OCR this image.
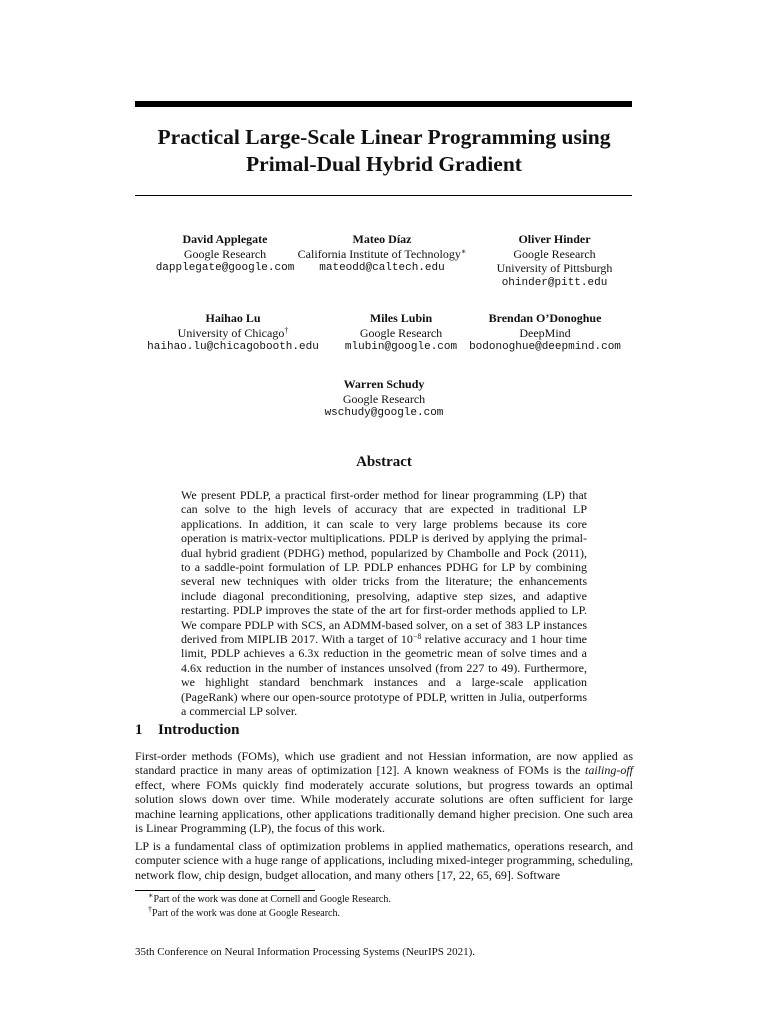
Practical Large-Scale Linear Programming using
Primal-Dual Hybrid Gradient
David Applegate
Google Research
dapplegate@google.com
Mateo Díaz
California Institute of Technology∗
mateodd@caltech.edu
Oliver Hinder
Google Research
University of Pittsburgh
ohinder@pitt.edu
Haihao Lu
University of Chicago†
haihao.lu@chicagobooth.edu
Miles Lubin
Google Research
mlubin@google.com
Brendan O’Donoghue
DeepMind
bodonoghue@deepmind.com
Warren Schudy
Google Research
wschudy@google.com
Abstract
We present PDLP, a practical first-order method for linear programming (LP) that can solve to the high levels of accuracy that are expected in traditional LP applications. In addition, it can scale to very large problems because its core operation is matrix-vector multiplications. PDLP is derived by applying the primal-dual hybrid gradient (PDHG) method, popularized by Chambolle and Pock (2011), to a saddle-point formulation of LP. PDLP enhances PDHG for LP by combining several new techniques with older tricks from the literature; the enhancements include diagonal preconditioning, presolving, adaptive step sizes, and adaptive restarting. PDLP improves the state of the art for first-order methods applied to LP. We compare PDLP with SCS, an ADMM-based solver, on a set of 383 LP instances derived from MIPLIB 2017. With a target of $10^{-8}$ relative accuracy and 1 hour time limit, PDLP achieves a 6.3x reduction in the geometric mean of solve times and a 4.6x reduction in the number of instances unsolved (from 227 to 49). Furthermore, we highlight standard benchmark instances and a large-scale application (PageRank) where our open-source prototype of PDLP, written in Julia, outperforms a commercial LP solver.
1 Introduction
First-order methods (FOMs), which use gradient and not Hessian information, are now applied as standard practice in many areas of optimization [12]. A known weakness of FOMs is the tailing-off effect, where FOMs quickly find moderately accurate solutions, but progress towards an optimal solution slows down over time. While moderately accurate solutions are often sufficient for large machine learning applications, other applications traditionally demand higher precision. One such area is Linear Programming (LP), the focus of this work.
LP is a fundamental class of optimization problems in applied mathematics, operations research, and computer science with a huge range of applications, including mixed-integer programming, scheduling, network flow, chip design, budget allocation, and many others [17, 22, 65, 69]. Software
∗Part of the work was done at Cornell and Google Research.
†Part of the work was done at Google Research.
35th Conference on Neural Information Processing Systems (NeurIPS 2021).
